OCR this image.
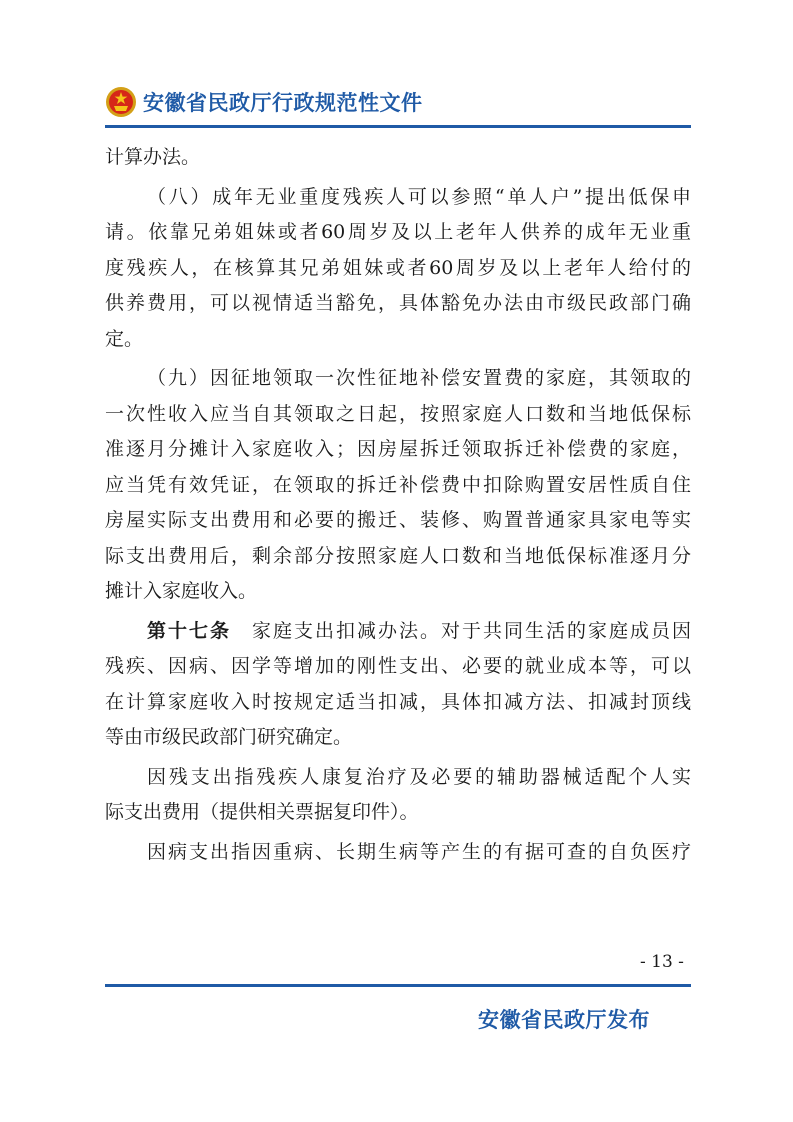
安徽省民政厅行政规范性文件
计算办法。
（八）成年无业重度残疾人可以参照“单人户”提出低保申
请。依靠兄弟姐妹或者60周岁及以上老年人供养的成年无业重
度残疾人，在核算其兄弟姐妹或者60周岁及以上老年人给付的
供养费用，可以视情适当豁免，具体豁免办法由市级民政部门确
定。
（九）因征地领取一次性征地补偿安置费的家庭，其领取的
一次性收入应当自其领取之日起，按照家庭人口数和当地低保标
准逐月分摊计入家庭收入；因房屋拆迁领取拆迁补偿费的家庭，
应当凭有效凭证，在领取的拆迁补偿费中扣除购置安居性质自住
房屋实际支出费用和必要的搬迁、装修、购置普通家具家电等实
际支出费用后，剩余部分按照家庭人口数和当地低保标准逐月分
摊计入家庭收入。
第十七条 家庭支出扣减办法。对于共同生活的家庭成员因
残疾、因病、因学等增加的刚性支出、必要的就业成本等，可以
在计算家庭收入时按规定适当扣减，具体扣减方法、扣减封顶线
等由市级民政部门研究确定。
因残支出指残疾人康复治疗及必要的辅助器械适配个人实
际支出费用（提供相关票据复印件）。
因病支出指因重病、长期生病等产生的有据可查的自负医疗
- 13 -
安徽省民政厅发布
